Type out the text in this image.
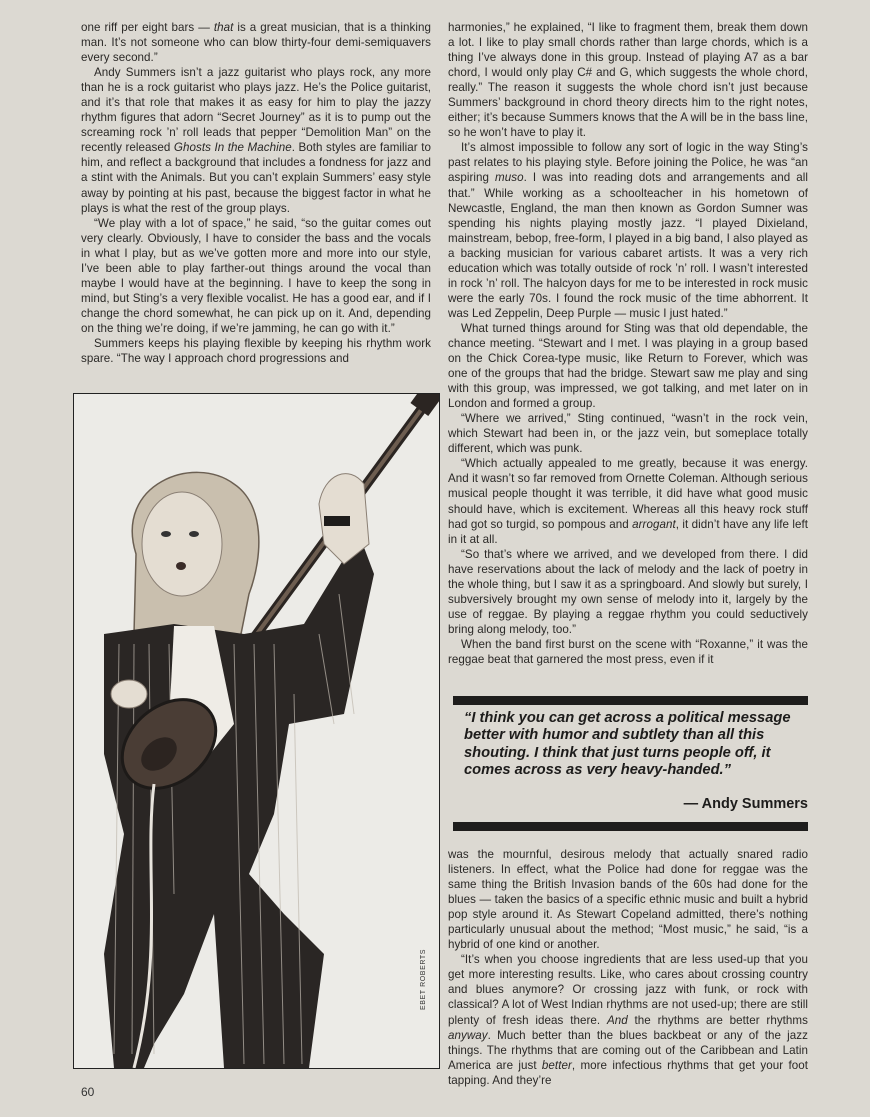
one riff per eight bars — that is a great musician, that is a thinking man. It’s not someone who can blow thirty-four demi-semiquavers every second.”

Andy Summers isn’t a jazz guitarist who plays rock, any more than he is a rock guitarist who plays jazz. He’s the Police guitarist, and it’s that role that makes it as easy for him to play the jazzy rhythm figures that adorn “Secret Journey” as it is to pump out the screaming rock ’n’ roll leads that pepper “Demolition Man” on the recently released Ghosts In the Machine. Both styles are familiar to him, and reflect a background that includes a fondness for jazz and a stint with the Animals. But you can’t explain Summers’ easy style away by pointing at his past, because the biggest factor in what he plays is what the rest of the group plays.

“We play with a lot of space,” he said, “so the guitar comes out very clearly. Obviously, I have to consider the bass and the vocals in what I play, but as we’ve gotten more and more into our style, I’ve been able to play farther-out things around the vocal than maybe I would have at the beginning. I have to keep the song in mind, but Sting’s a very flexible vocalist. He has a good ear, and if I change the chord somewhat, he can pick up on it. And, depending on the thing we’re doing, if we’re jamming, he can go with it.”

Summers keeps his playing flexible by keeping his rhythm work spare. “The way I approach chord progressions and

EBET ROBERTS

harmonies,” he explained, “I like to fragment them, break them down a lot. I like to play small chords rather than large chords, which is a thing I’ve always done in this group. Instead of playing A7 as a bar chord, I would only play C# and G, which suggests the whole chord, really.” The reason it suggests the whole chord isn’t just because Summers’ background in chord theory directs him to the right notes, either; it’s because Summers knows that the A will be in the bass line, so he won’t have to play it.

It’s almost impossible to follow any sort of logic in the way Sting’s past relates to his playing style. Before joining the Police, he was “an aspiring muso. I was into reading dots and arrangements and all that.” While working as a schoolteacher in his hometown of Newcastle, England, the man then known as Gordon Sumner was spending his nights playing mostly jazz. “I played Dixieland, mainstream, bebop, free-form, I played in a big band, I also played as a backing musician for various cabaret artists. It was a very rich education which was totally outside of rock ’n’ roll. I wasn’t interested in rock ’n’ roll. The halcyon days for me to be interested in rock music were the early 70s. I found the rock music of the time abhorrent. It was Led Zeppelin, Deep Purple — music I just hated.”

What turned things around for Sting was that old dependable, the chance meeting. “Stewart and I met. I was playing in a group based on the Chick Corea-type music, like Return to Forever, which was one of the groups that had the bridge. Stewart saw me play and sing with this group, was impressed, we got talking, and met later on in London and formed a group.

“Where we arrived,” Sting continued, “wasn’t in the rock vein, which Stewart had been in, or the jazz vein, but someplace totally different, which was punk.

“Which actually appealed to me greatly, because it was energy. And it wasn’t so far removed from Ornette Coleman. Although serious musical people thought it was terrible, it did have what good music should have, which is excitement. Whereas all this heavy rock stuff had got so turgid, so pompous and arrogant, it didn’t have any life left in it at all.

“So that’s where we arrived, and we developed from there. I did have reservations about the lack of melody and the lack of poetry in the whole thing, but I saw it as a springboard. And slowly but surely, I subversively brought my own sense of melody into it, largely by the use of reggae. By playing a reggae rhythm you could seductively bring along melody, too.”

When the band first burst on the scene with “Roxanne,” it was the reggae beat that garnered the most press, even if it

“I think you can get across a political message better with humor and subtlety than all this shouting. I think that just turns people off, it comes across as very heavy-handed.”
— Andy Summers

was the mournful, desirous melody that actually snared radio listeners. In effect, what the Police had done for reggae was the same thing the British Invasion bands of the 60s had done for the blues — taken the basics of a specific ethnic music and built a hybrid pop style around it. As Stewart Copeland admitted, there’s nothing particularly unusual about the method; “Most music,” he said, “is a hybrid of one kind or another.

“It’s when you choose ingredients that are less used-up that you get more interesting results. Like, who cares about crossing country and blues anymore? Or crossing jazz with funk, or rock with classical? A lot of West Indian rhythms are not used-up; there are still plenty of fresh ideas there. And the rhythms are better rhythms anyway. Much better than the blues backbeat or any of the jazz things. The rhythms that are coming out of the Caribbean and Latin America are just better, more infectious rhythms that get your foot tapping. And they’re

60
